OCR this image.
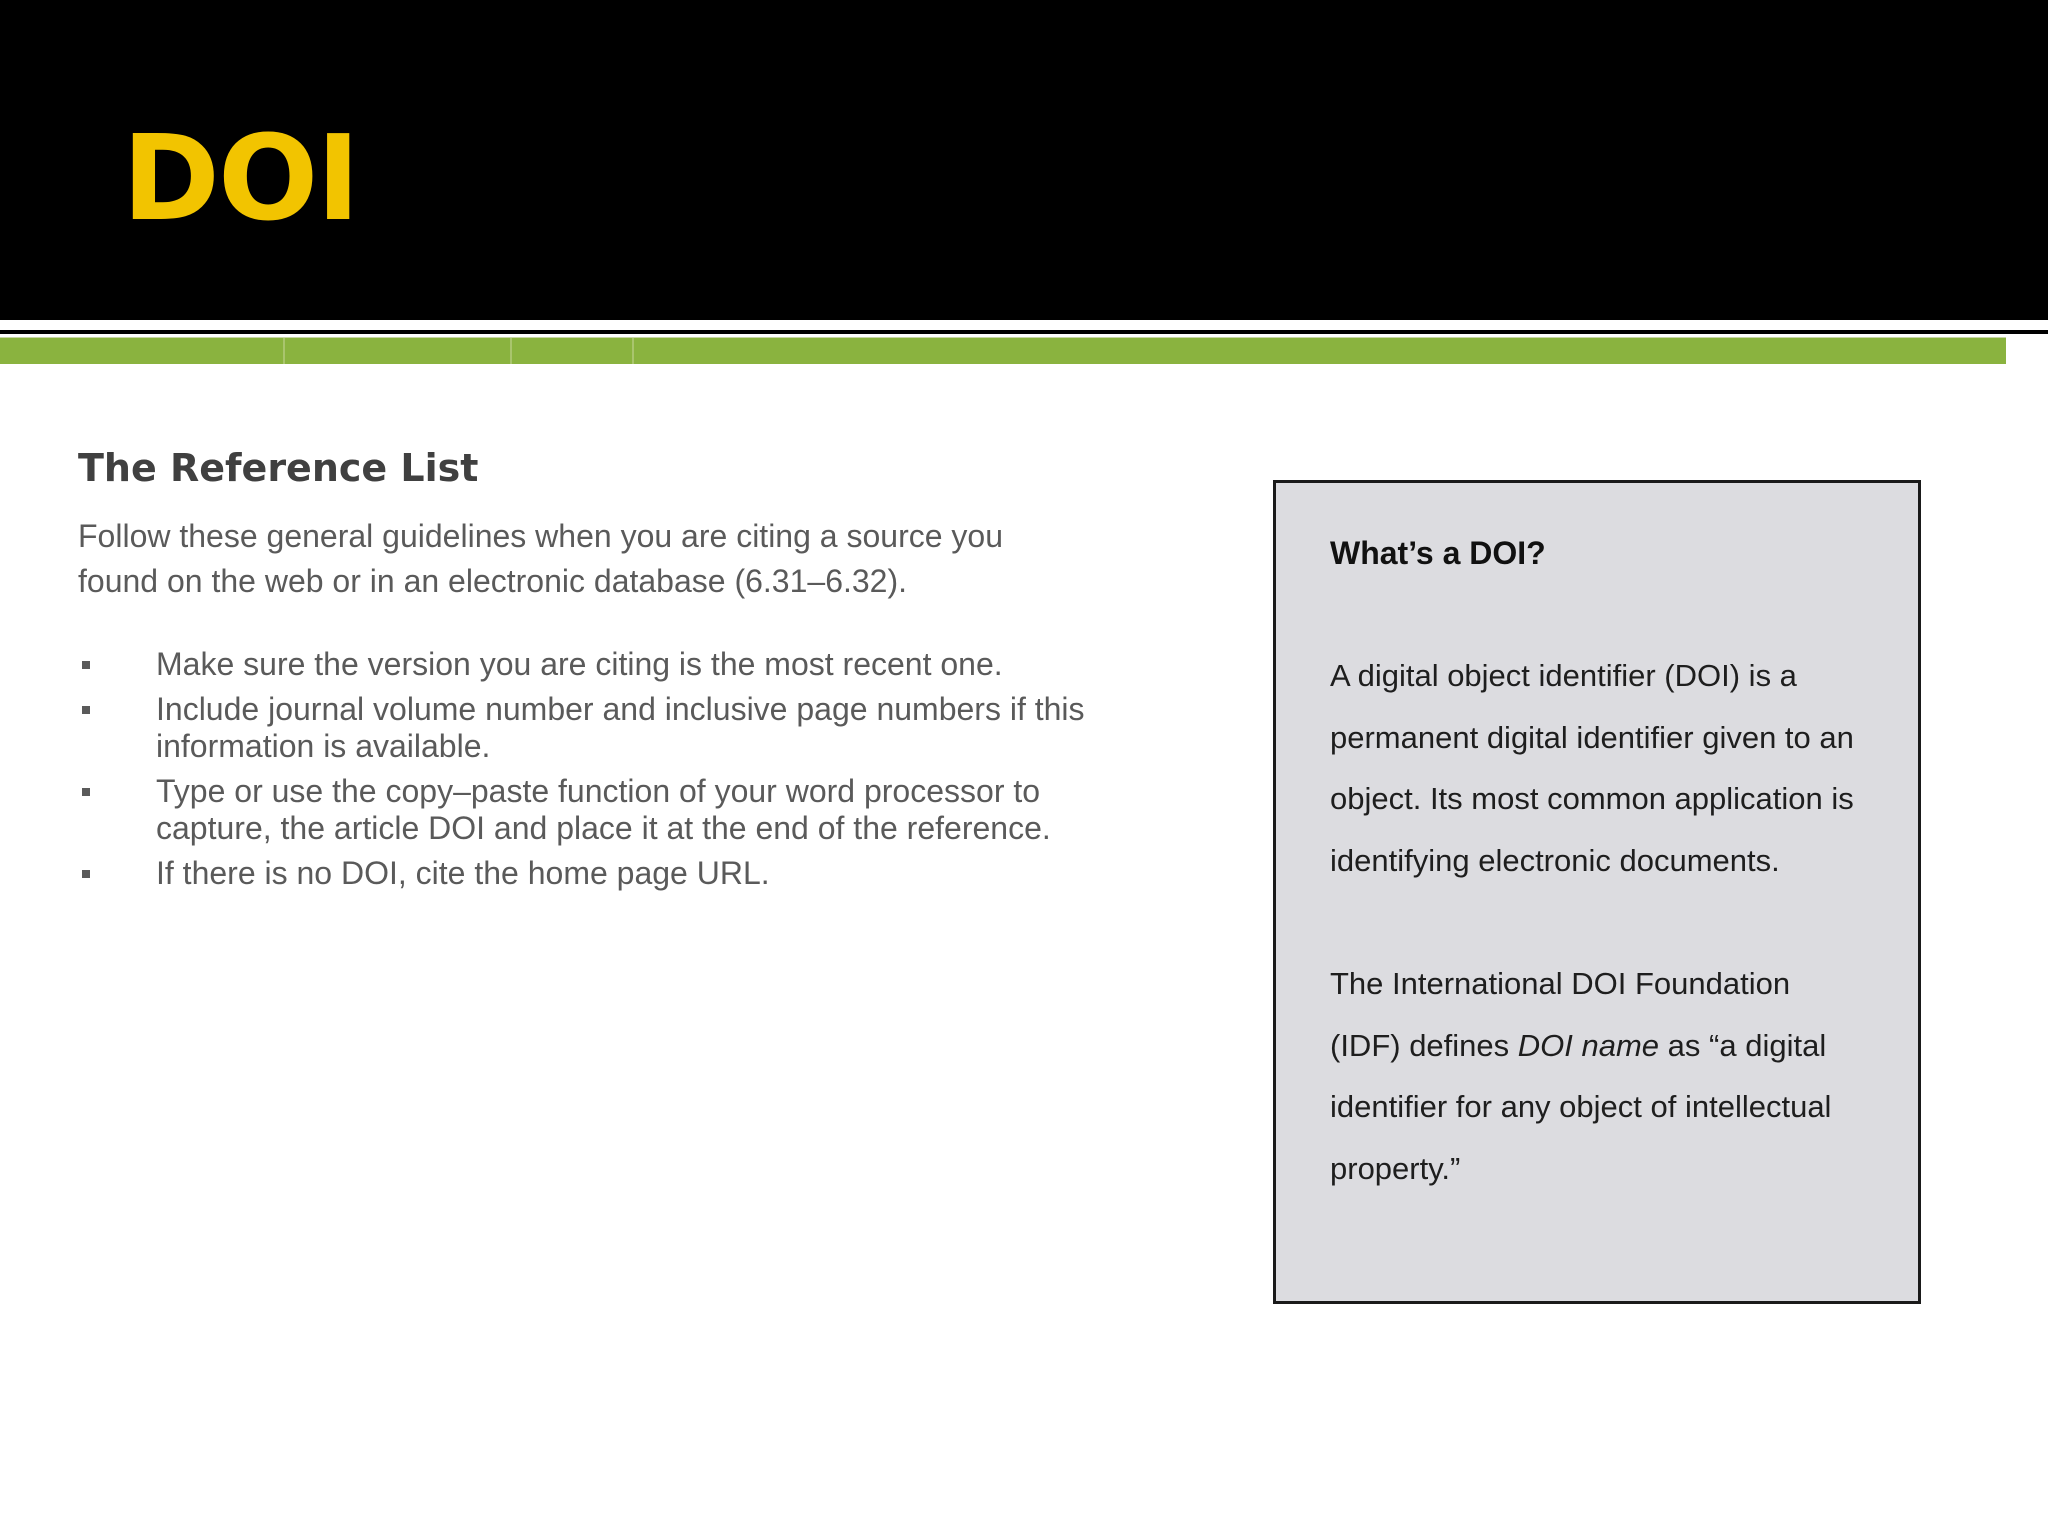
DOI
The Reference List

Follow these general guidelines when you are citing a source you found on the web or in an electronic database (6.31–6.32).

Make sure the version you are citing is the most recent one.
Include journal volume number and inclusive page numbers if this information is available.
Type or use the copy–paste function of your word processor to capture, the article DOI and place it at the end of the reference.
If there is no DOI, cite the home page URL.

What’s a DOI?

A digital object identifier (DOI) is a permanent digital identifier given to an object. Its most common application is identifying electronic documents.

The International DOI Foundation (IDF) defines DOI name as “a digital identifier for any object of intellectual property.”
